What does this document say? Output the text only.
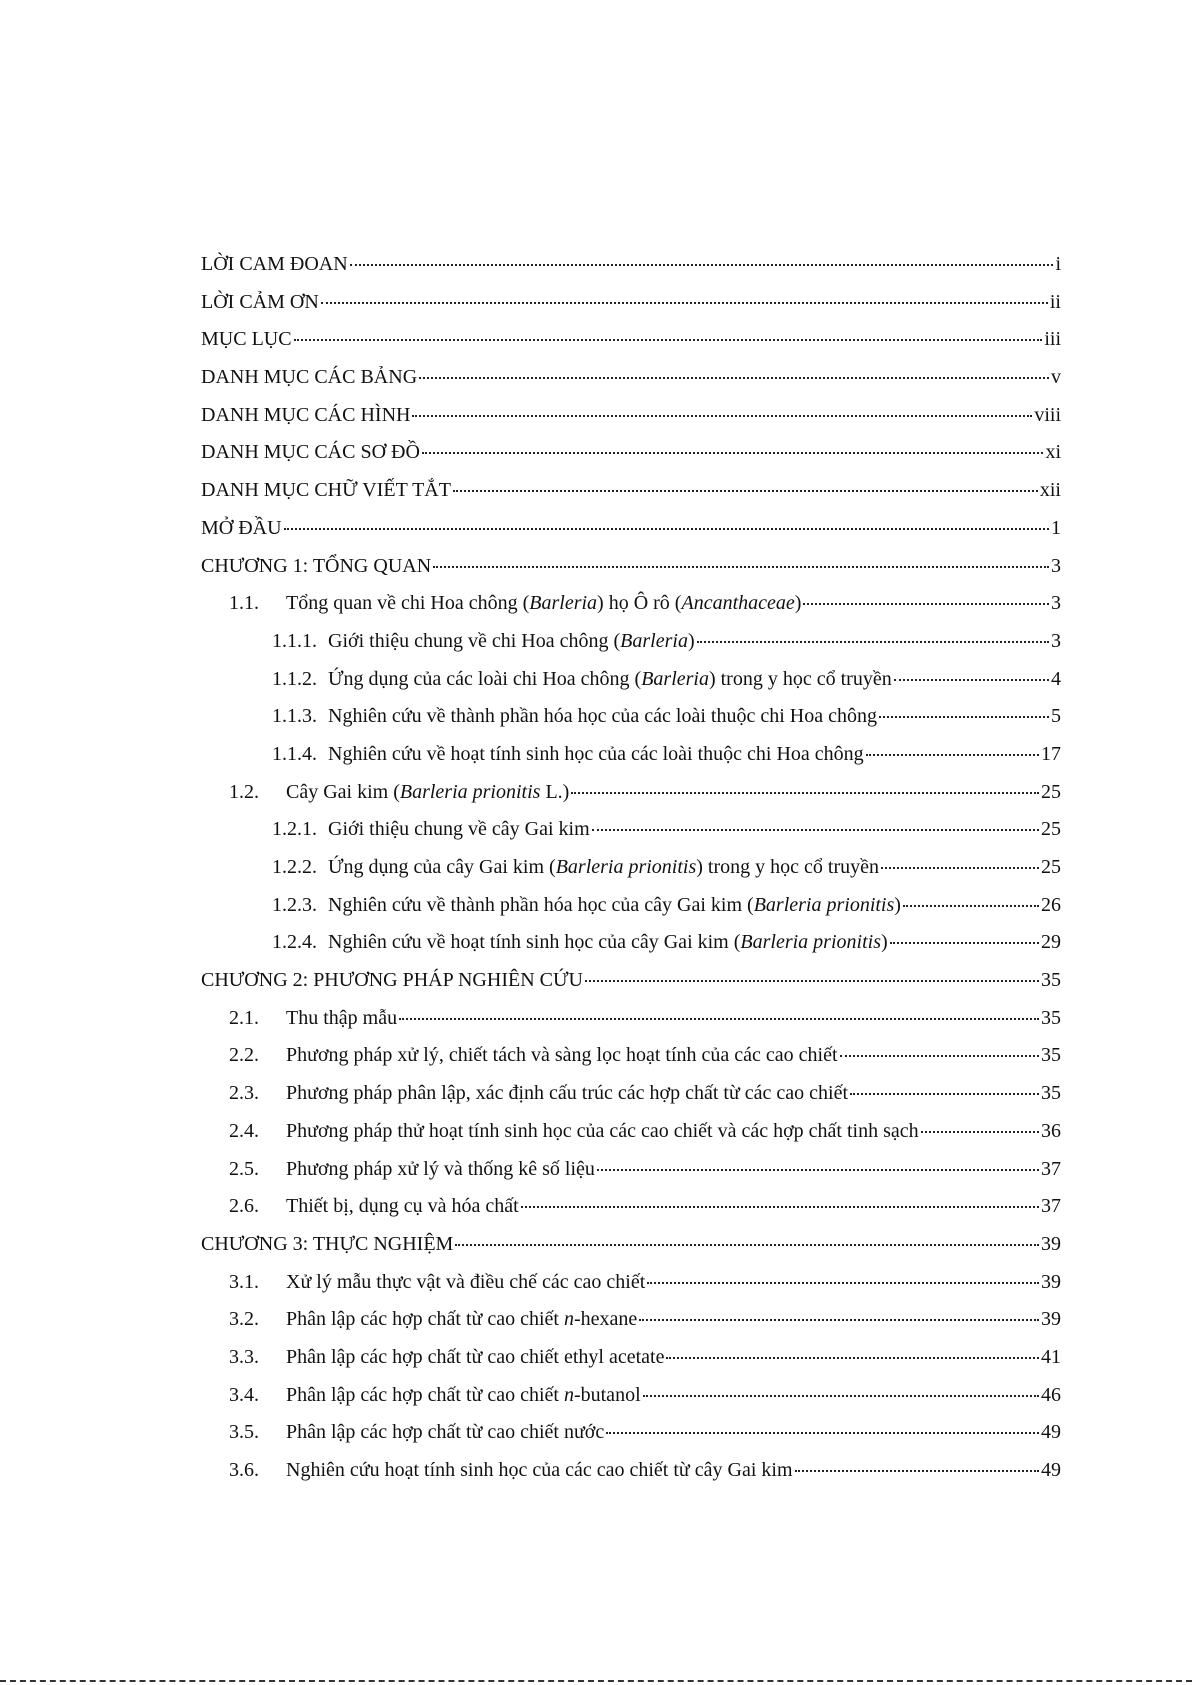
LỜI CAM ĐOAN	i
LỜI CẢM ƠN	ii
MỤC LỤC	iii
DANH MỤC CÁC BẢNG	v
DANH MỤC CÁC HÌNH	viii
DANH MỤC CÁC SƠ ĐỒ	xi
DANH MỤC CHỮ VIẾT TẮT	xii
MỞ ĐẦU	1
CHƯƠNG 1: TỔNG QUAN	3
1.1.	Tổng quan về chi Hoa chông (Barleria) họ Ô rô (Ancanthaceae)	3
1.1.1. Giới thiệu chung về chi Hoa chông (Barleria)	3
1.1.2. Ứng dụng của các loài chi Hoa chông (Barleria) trong y học cổ truyền	4
1.1.3. Nghiên cứu về thành phần hóa học của các loài thuộc chi Hoa chông	5
1.1.4. Nghiên cứu về hoạt tính sinh học của các loài thuộc chi Hoa chông	17
1.2.	Cây Gai kim (Barleria prionitis L.)	25
1.2.1. Giới thiệu chung về cây Gai kim	25
1.2.2. Ứng dụng của cây Gai kim (Barleria prionitis) trong y học cổ truyền	25
1.2.3. Nghiên cứu về thành phần hóa học của cây Gai kim (Barleria prionitis)	26
1.2.4. Nghiên cứu về hoạt tính sinh học của cây Gai kim (Barleria prionitis)	29
CHƯƠNG 2: PHƯƠNG PHÁP NGHIÊN CỨU	35
2.1.	Thu thập mẫu	35
2.2.	Phương pháp xử lý, chiết tách và sàng lọc hoạt tính của các cao chiết	35
2.3.	Phương pháp phân lập, xác định cấu trúc các hợp chất từ các cao chiết	35
2.4.	Phương pháp thử hoạt tính sinh học của các cao chiết và các hợp chất tinh sạch	36
2.5.	Phương pháp xử lý và thống kê số liệu	37
2.6.	Thiết bị, dụng cụ và hóa chất	37
CHƯƠNG 3: THỰC NGHIỆM	39
3.1.	Xử lý mẫu thực vật và điều chế các cao chiết	39
3.2.	Phân lập các hợp chất từ cao chiết n-hexane	39
3.3.	Phân lập các hợp chất từ cao chiết ethyl acetate	41
3.4.	Phân lập các hợp chất từ cao chiết n-butanol	46
3.5.	Phân lập các hợp chất từ cao chiết nước	49
3.6.	Nghiên cứu hoạt tính sinh học của các cao chiết từ cây Gai kim	49
